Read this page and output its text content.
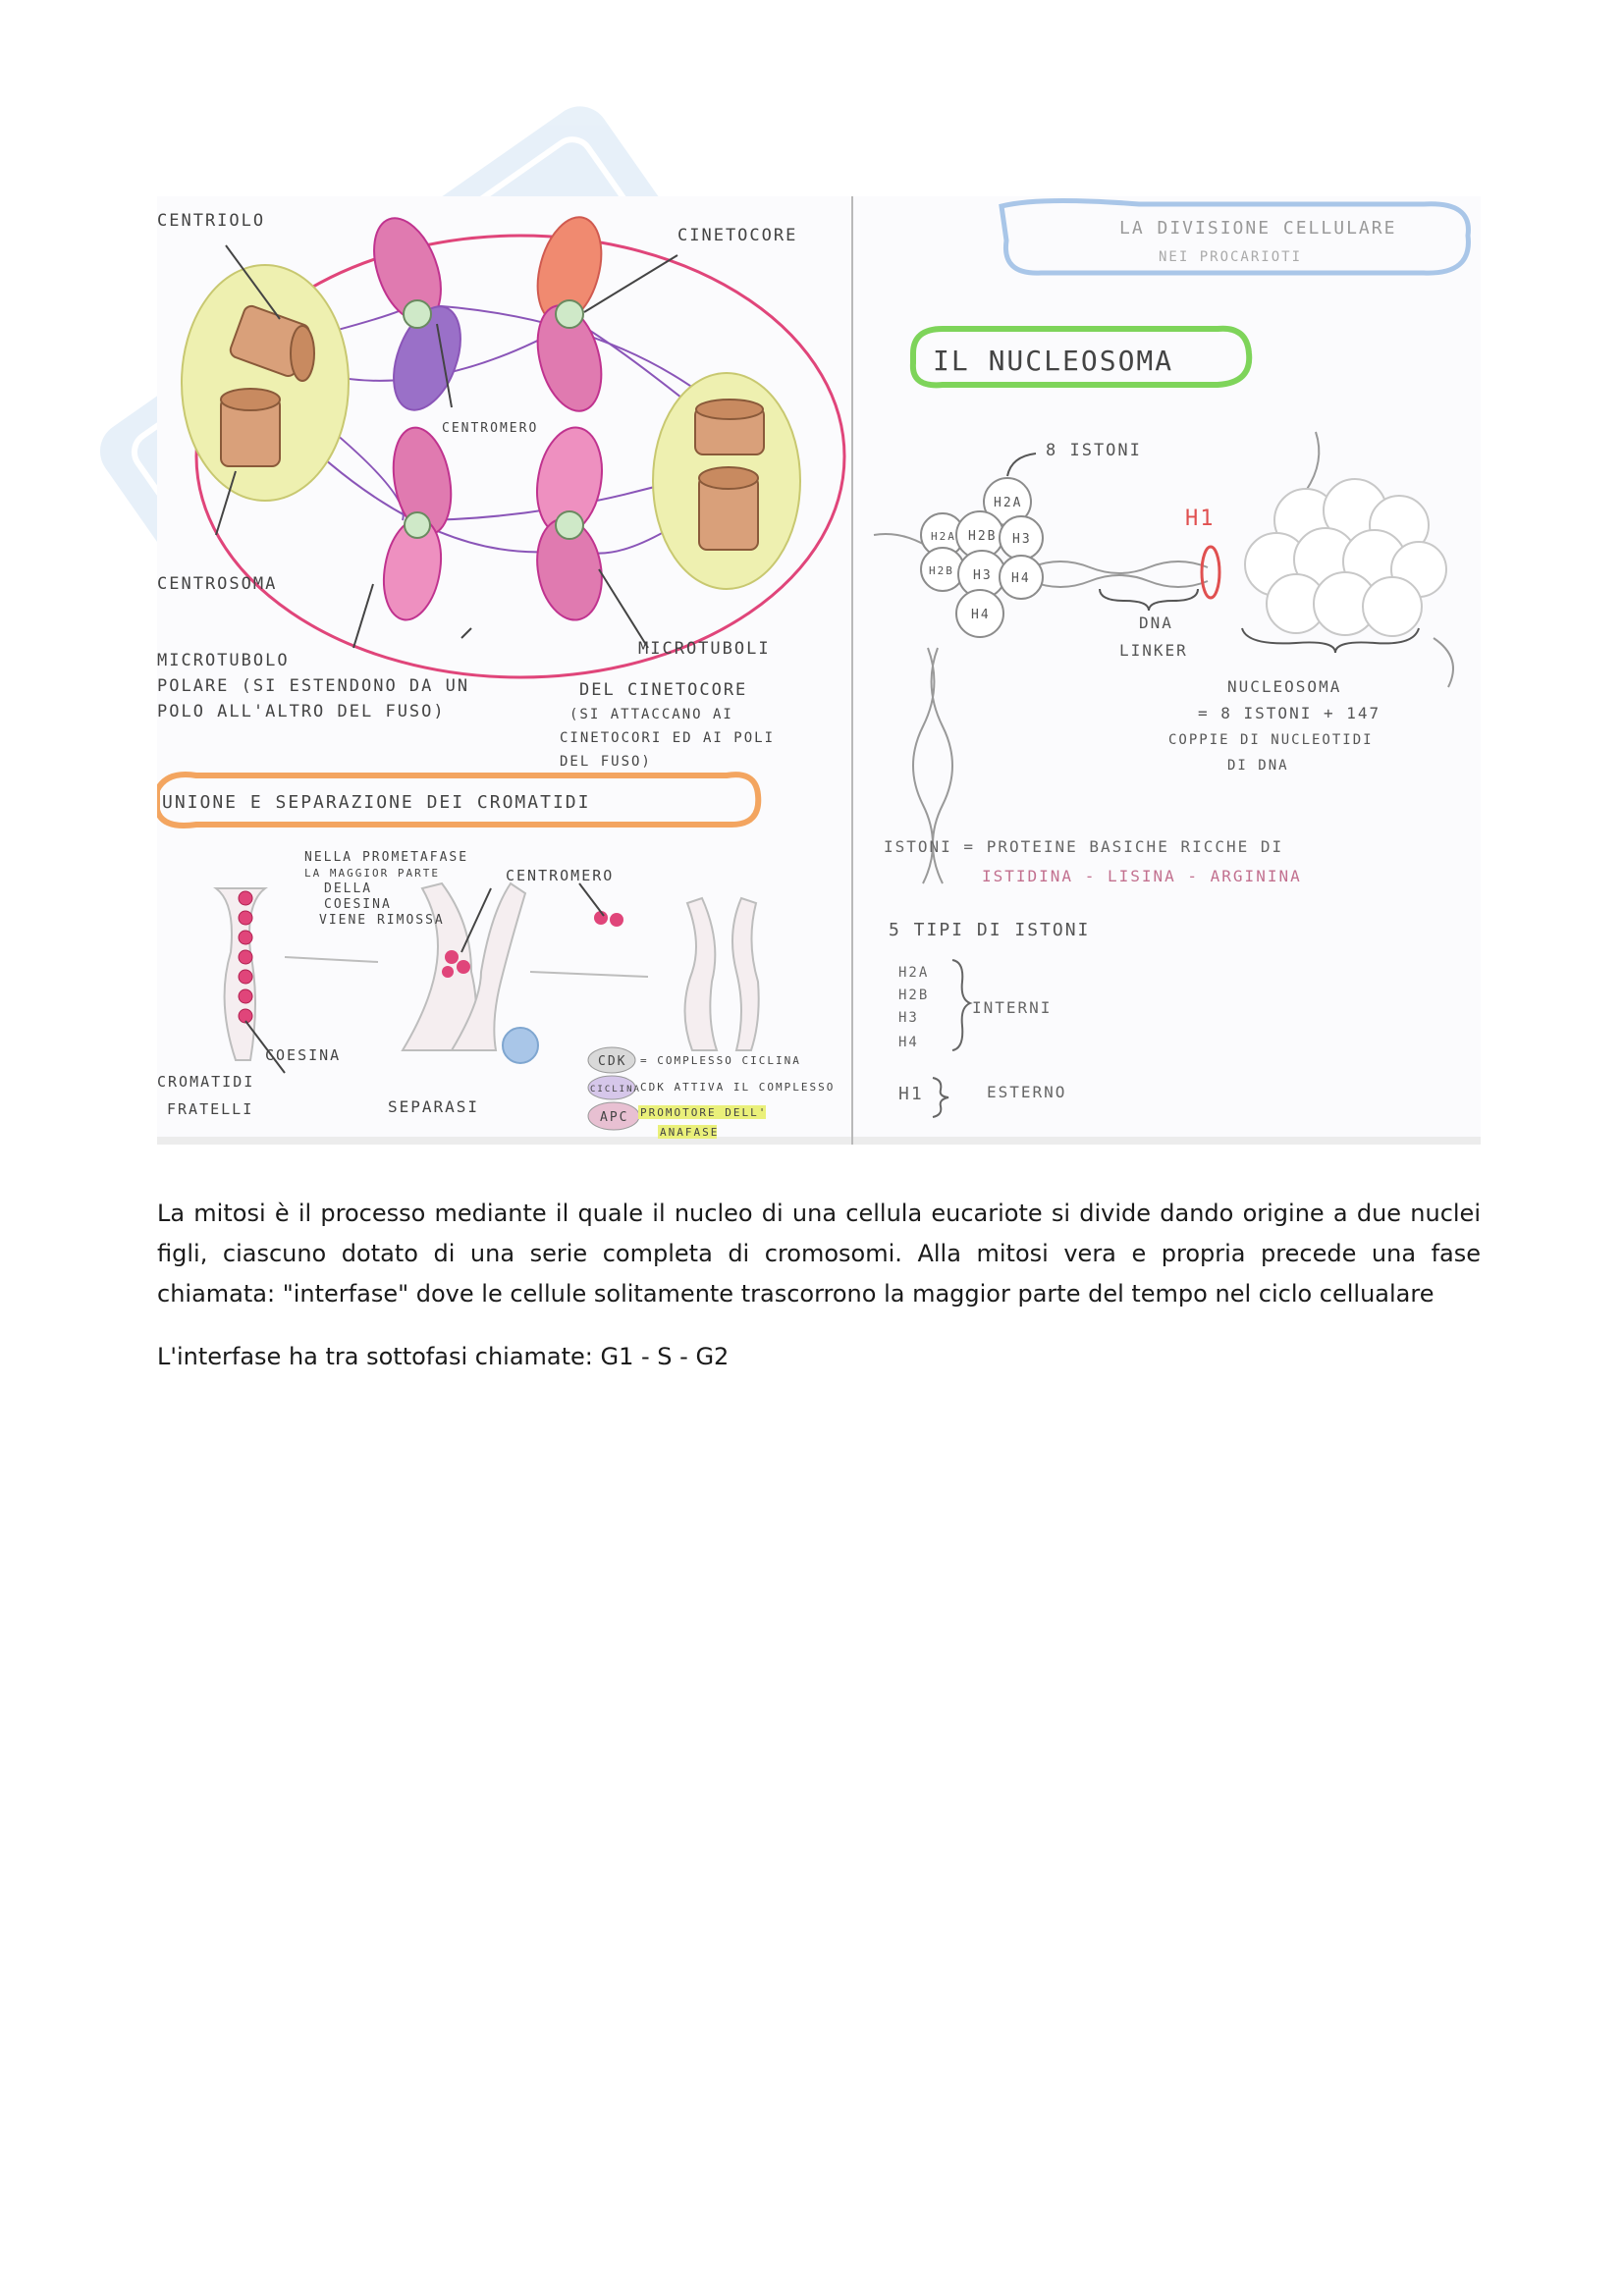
CENTRIOLO
CINETOCORE
CENTROMERO
CENTROSOMA
MICROTUBOLO
POLARE (SI ESTENDONO DA UN
POLO ALL'ALTRO DEL FUSO)
MICROTUBOLI
DEL CINETOCORE
(SI ATTACCANO AI
CINETOCORI ED AI POLI
DEL FUSO)
UNIONE E SEPARAZIONE DEI CROMATIDI
NELLA PROMETAFASE
LA MAGGIOR PARTE
DELLA
COESINA
VIENE RIMOSSA
CENTROMERO
COESINA
CROMATIDI
FRATELLI	SEPARASI
CDK = COMPLESSO CICLINA
CICLINA CDK ATTIVA IL COMPLESSO
APC PROMOTORE DELL'
ANAFASE
LA DIVISIONE CELLULARE
NEI PROCARIOTI
IL NUCLEOSOMA
H2A
H2A H2B H3
H2B H3 H4
H4
8 ISTONI
H1
DNA
LINKER
NUCLEOSOMA
= 8 ISTONI + 147
COPPIE DI NUCLEOTIDI
DI DNA
ISTONI = PROTEINE BASICHE RICCHE DI
ISTIDINA - LISINA - ARGININA
5 TIPI DI ISTONI
H2A
H2B
H3
H4
INTERNI
H1	ESTERNO

La mitosi è il processo mediante il quale il nucleo di una cellula eucariote si divide dando origine a due nuclei figli, ciascuno dotato di una serie completa di cromosomi. Alla mitosi vera e propria precede una fase chiamata: "interfase" dove le cellule solitamente trascorrono la maggior parte del tempo nel ciclo cellualare

L'interfase ha tra sottofasi chiamate: G1 - S - G2
